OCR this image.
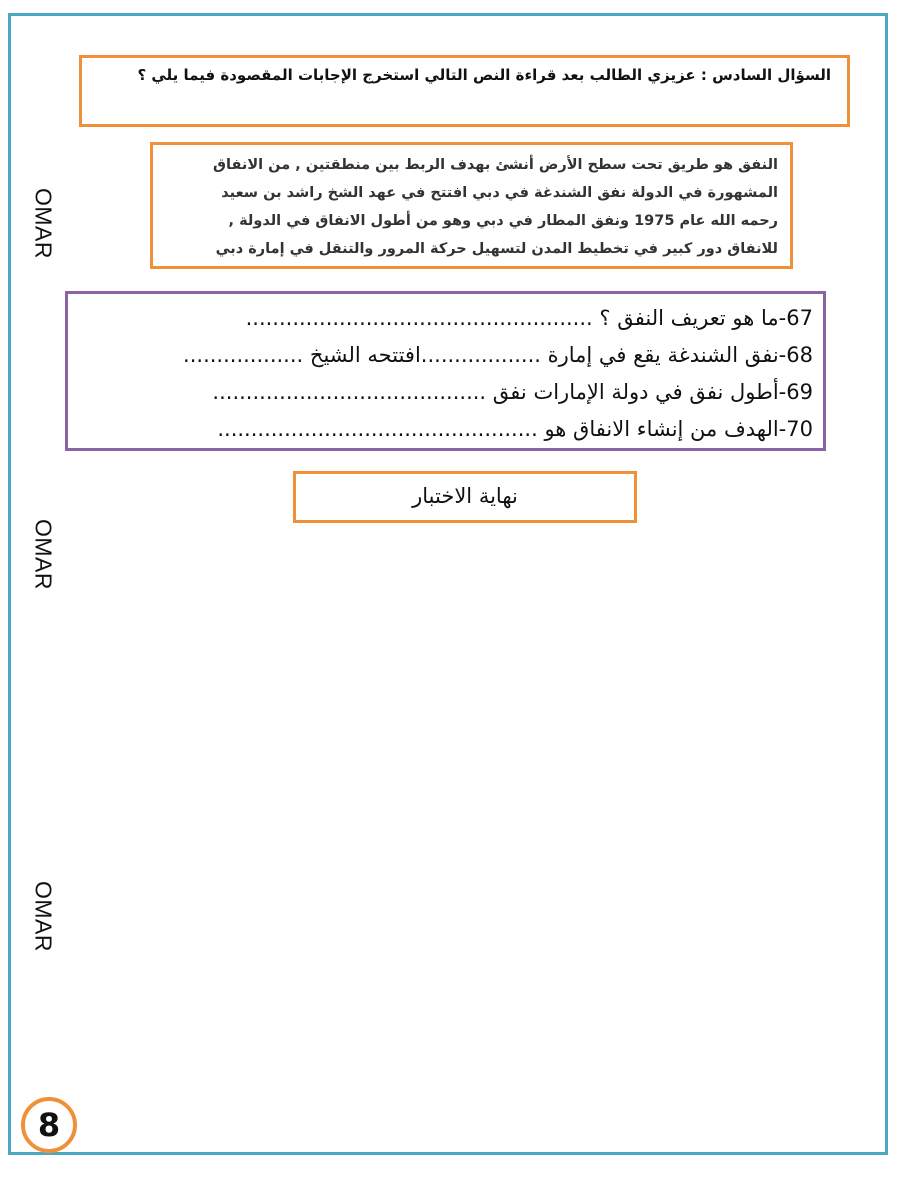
السؤال السادس : عزيزي الطالب بعد قراءة النص التالي استخرج الإجابات المقصودة فيما يلي ؟
النفق هو طريق تحت سطح الأرض أنشئ بهدف الربط بين منطقتين , من الانفاق
المشهورة في الدولة نفق الشندغة في دبي افتتح في عهد الشخ راشد بن سعيد
رحمه الله عام 1975 ونفق المطار في دبي وهو من أطول الانفاق في الدولة ,
للانفاق دور كبير في تخطيط المدن لتسهيل حركة المرور والتنقل في إمارة دبي
67-ما هو تعريف النفق ؟ ....................................................
68-نفق الشندغة يقع في إمارة ..................افتتحه الشيخ ..................
69-أطول نفق في دولة الإمارات نفق .........................................
70-الهدف من إنشاء الانفاق هو ................................................
نهاية الاختبار
OMAR
OMAR
OMAR
8
